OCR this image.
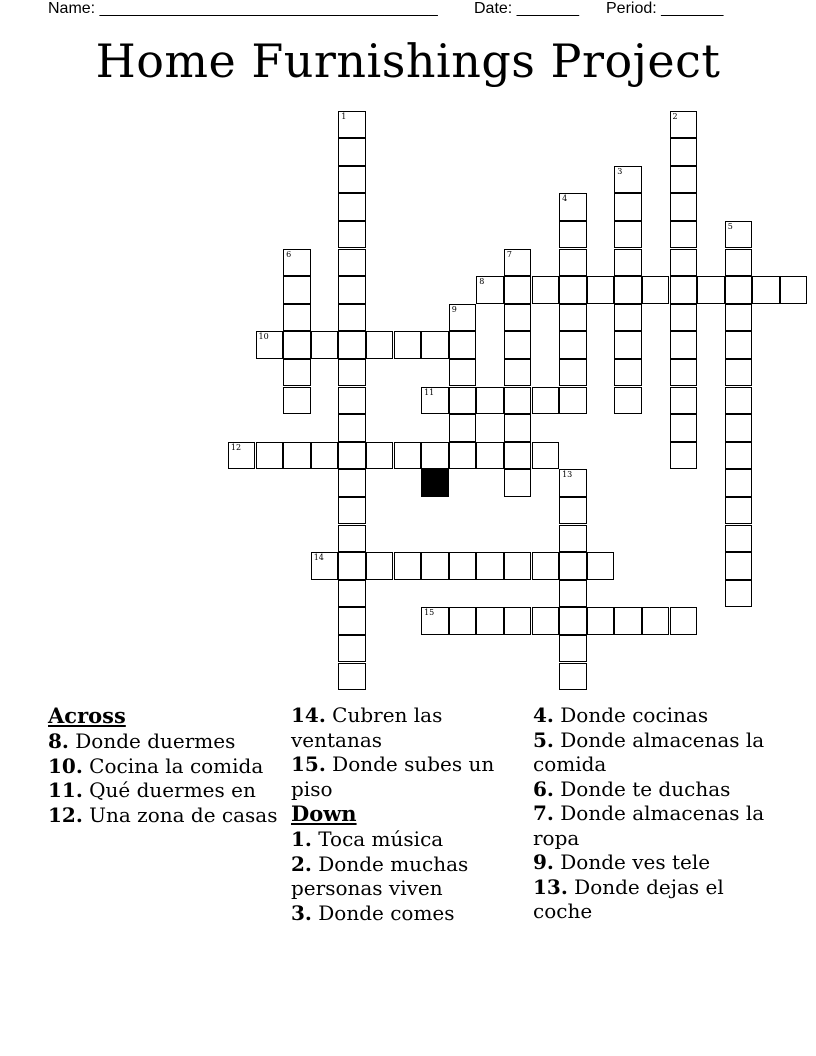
Name: ______________________________________ Date: _______ Period: _______
Home Furnishings Project
1	2
3
4
5
6	7
8
9
10
11
12
13
14
15
Across
8. Donde duermes
10. Cocina la comida
11. Qué duermes en
12. Una zona de casas
14. Cubren las ventanas
15. Donde subes un piso
Down
1. Toca música
2. Donde muchas personas viven
3. Donde comes
4. Donde cocinas
5. Donde almacenas la comida
6. Donde te duchas
7. Donde almacenas la ropa
9. Donde ves tele
13. Donde dejas el coche
